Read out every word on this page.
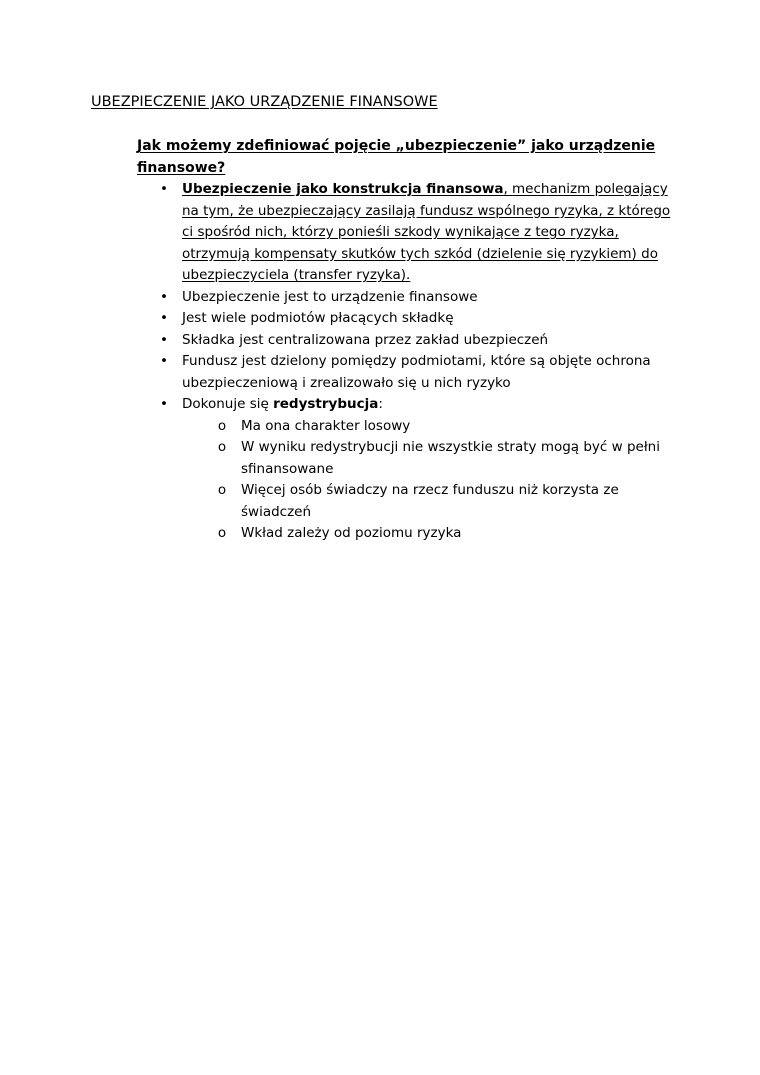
UBEZPIECZENIE JAKO URZĄDZENIE FINANSOWE
Jak możemy zdefiniować pojęcie „ubezpieczenie” jako urządzenie finansowe?
• Ubezpieczenie jako konstrukcja finansowa, mechanizm polegający na tym, że ubezpieczający zasilają fundusz wspólnego ryzyka, z którego ci spośród nich, którzy ponieśli szkody wynikające z tego ryzyka, otrzymują kompensaty skutków tych szkód (dzielenie się ryzykiem) do ubezpieczyciela (transfer ryzyka).
• Ubezpieczenie jest to urządzenie finansowe
• Jest wiele podmiotów płacących składkę
• Składka jest centralizowana przez zakład ubezpieczeń
• Fundusz jest dzielony pomiędzy podmiotami, które są objęte ochrona ubezpieczeniową i zrealizowało się u nich ryzyko
• Dokonuje się redystrybucja:
o Ma ona charakter losowy
o W wyniku redystrybucji nie wszystkie straty mogą być w pełni sfinansowane
o Więcej osób świadczy na rzecz funduszu niż korzysta ze świadczeń
o Wkład zależy od poziomu ryzyka
